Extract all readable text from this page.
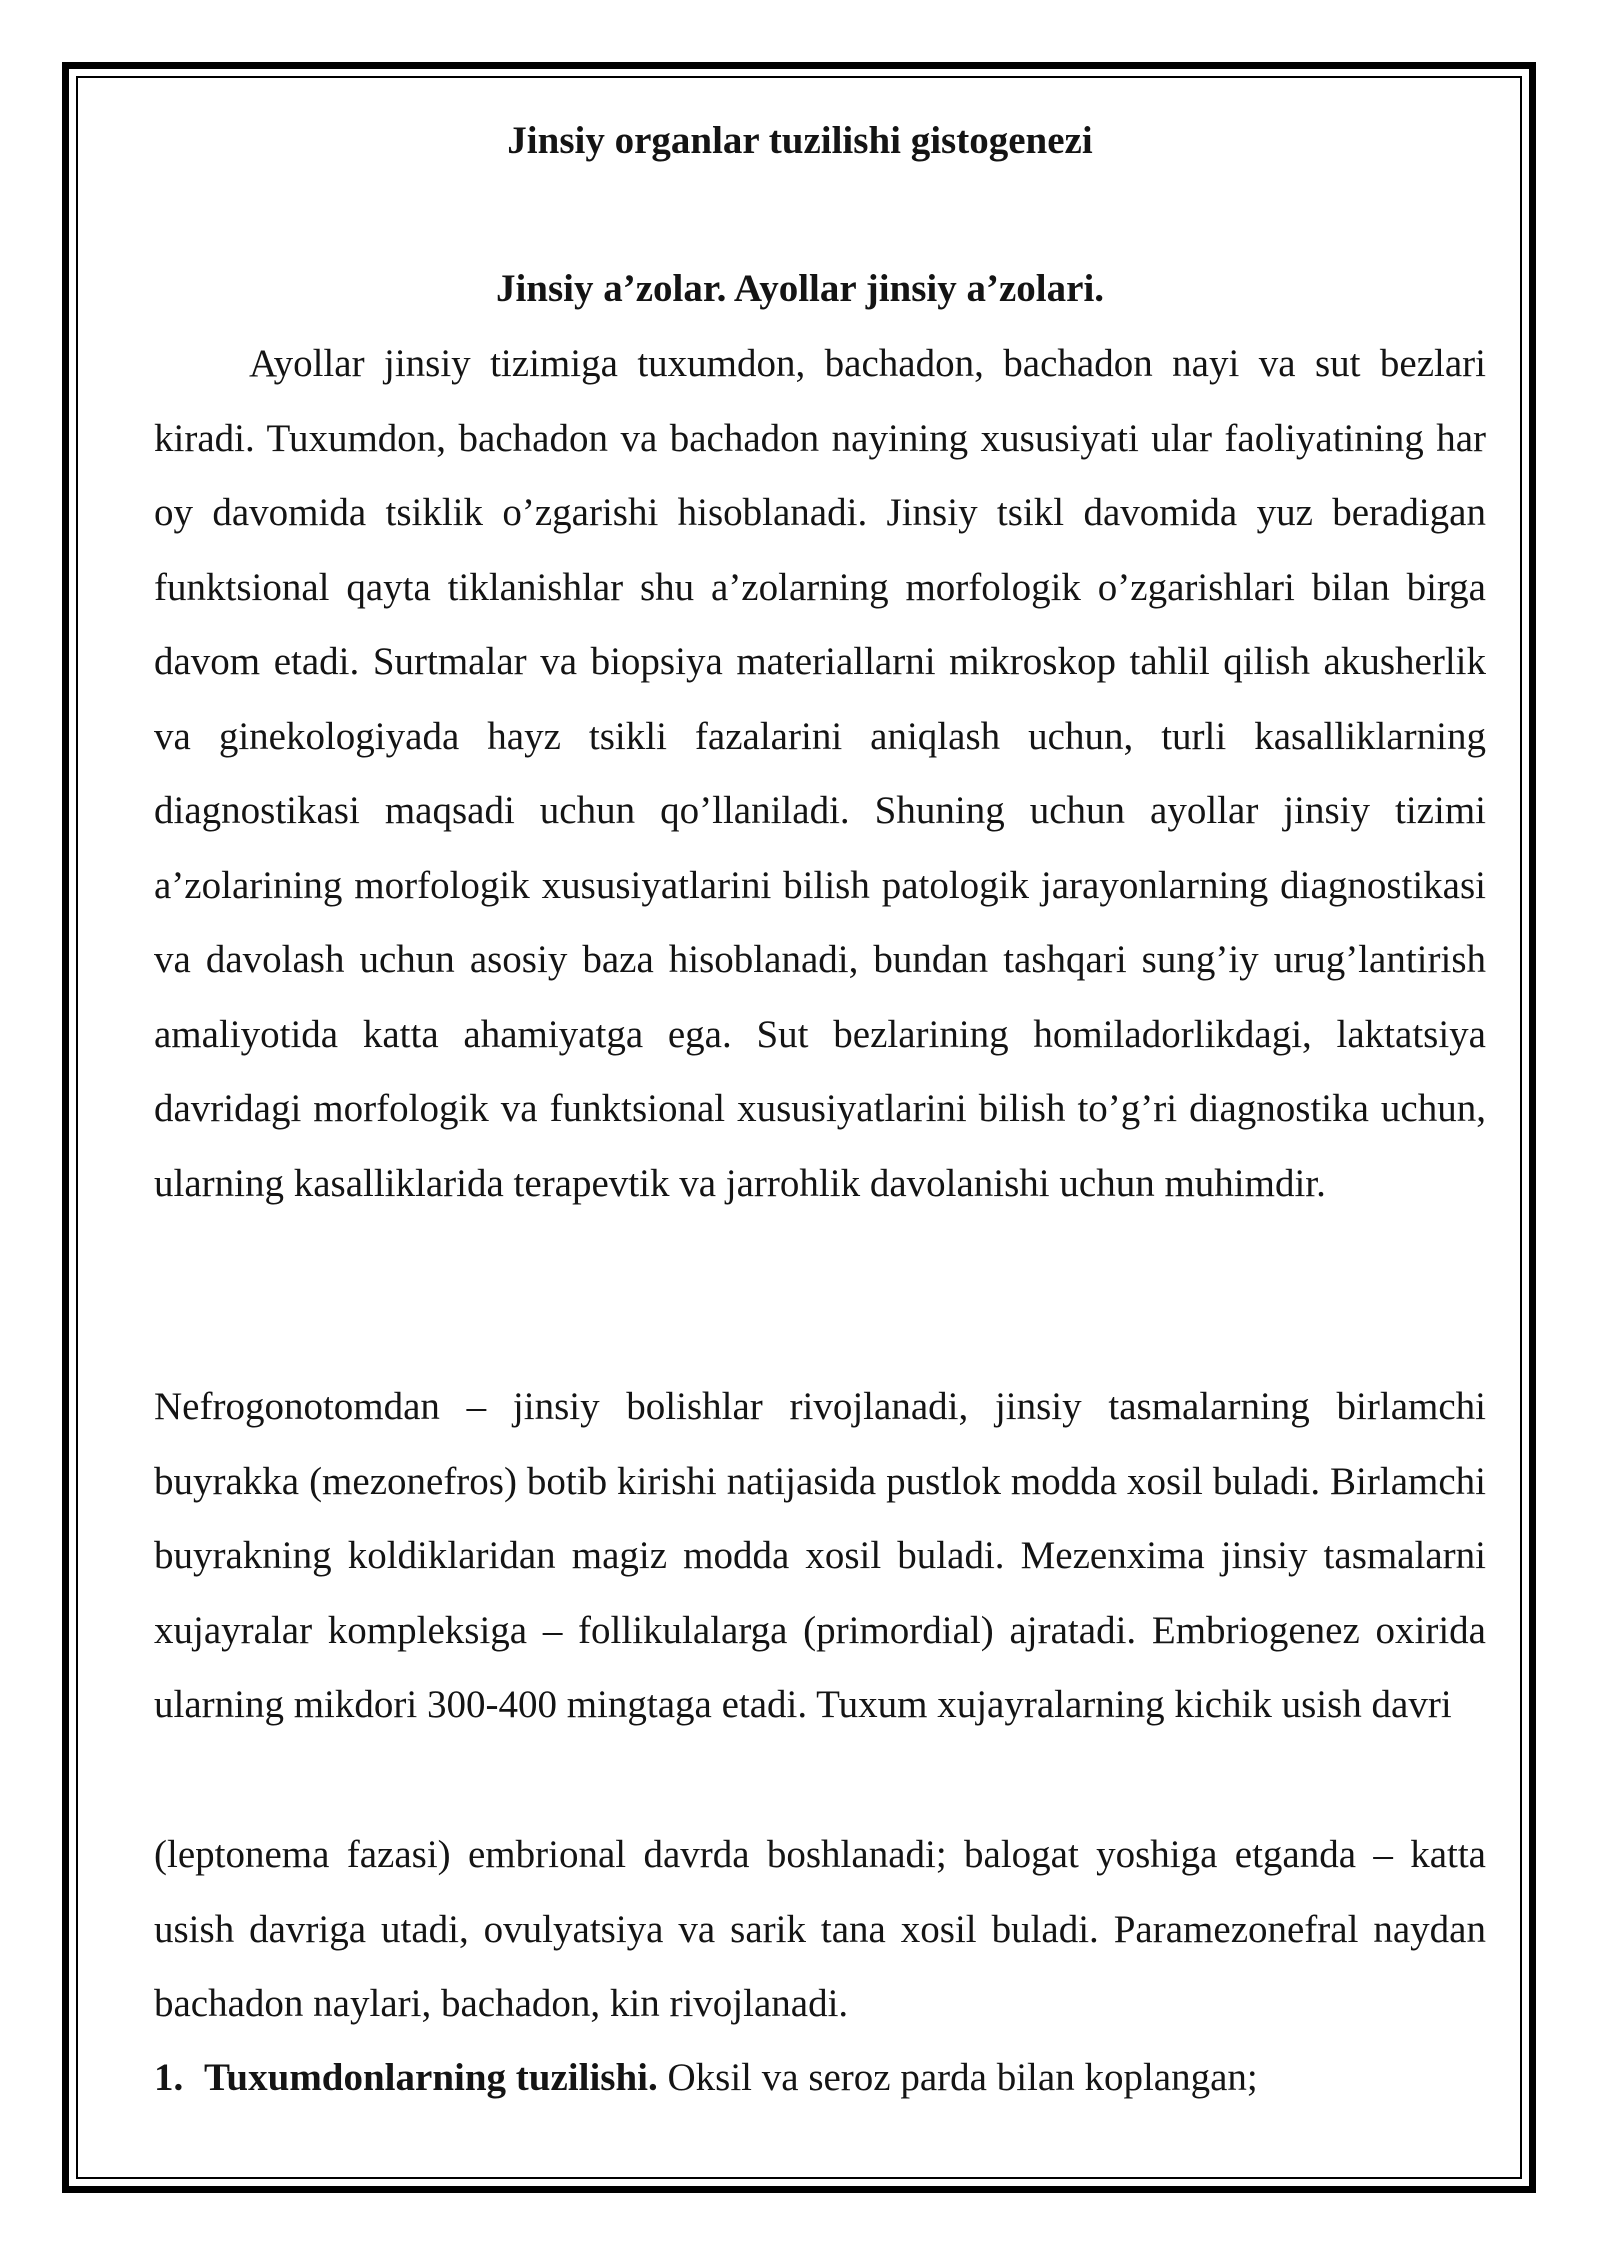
Jinsiy organlar tuzilishi gistogenezi
Jinsiy a’zolar. Ayollar jinsiy a’zolari.

Ayollar jinsiy tizimiga tuxumdon, bachadon, bachadon nayi va sut bezlari kiradi. Tuxumdon, bachadon va bachadon nayining xususiyati ular faoliyatining har oy davomida tsiklik o’zgarishi hisoblanadi. Jinsiy tsikl davomida yuz beradigan funktsional qayta tiklanishlar shu a’zolarning morfologik o’zgarishlari bilan birga davom etadi. Surtmalar va biopsiya materiallarni mikroskop tahlil qilish akusherlik va ginekologiyada hayz tsikli fazalarini aniqlash uchun, turli kasalliklarning diagnostikasi maqsadi uchun qo’llaniladi. Shuning uchun ayollar jinsiy tizimi a’zolarining morfologik xususiyatlarini bilish patologik jarayonlarning diagnostikasi va davolash uchun asosiy baza hisoblanadi, bundan tashqari sung’iy urug’lantirish amaliyotida katta ahamiyatga ega. Sut bezlarining homiladorlikdagi, laktatsiya davridagi morfologik va funktsional xususiyatlarini bilish to’g’ri diagnostika uchun, ularning kasalliklarida terapevtik va jarrohlik davolanishi uchun muhimdir.

Nefrogonotomdan – jinsiy bolishlar rivojlanadi, jinsiy tasmalarning birlamchi buyrakka (mezonefros) botib kirishi natijasida pustlok modda xosil buladi. Birlamchi buyrakning koldiklaridan magiz modda xosil buladi. Mezenxima jinsiy tasmalarni xujayralar kompleksiga – follikulalarga (primordial) ajratadi. Embriogenez oxirida ularning mikdori 300-400 mingtaga etadi. Tuxum xujayralarning kichik usish davri

(leptonema fazasi) embrional davrda boshlanadi; balogat yoshiga etganda – katta usish davriga utadi, ovulyatsiya va sarik tana xosil buladi. Paramezonefral naydan bachadon naylari, bachadon, kin rivojlanadi.

1. Tuxumdonlarning tuzilishi. Oksil va seroz parda bilan koplangan;
